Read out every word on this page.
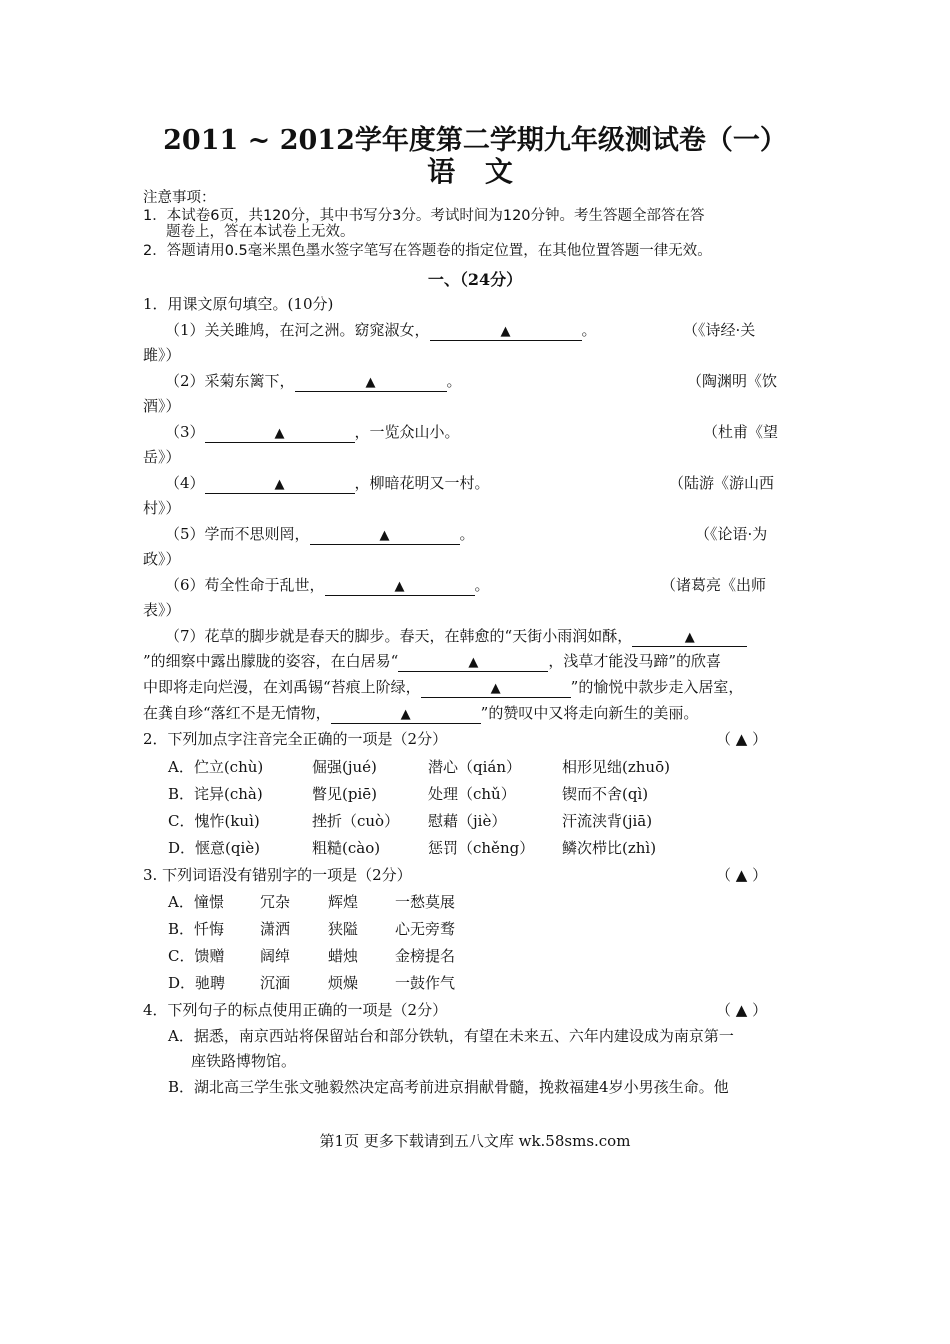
2011 ~ 2012学年度第二学期九年级测试卷（一）
语 文
注意事项：
1．本试卷6页，共120分，其中书写分3分。考试时间为120分钟。考生答题全部答在答
题卷上，答在本试卷上无效。
2．答题请用0.5毫米黑色墨水签字笔写在答题卷的指定位置，在其他位置答题一律无效。
一、（24分）
1．用课文原句填空。(10分)
（1）关关雎鸠，在河之洲。窈窕淑女，	▲	。	（《诗经·关
雎》）
（2）采菊东篱下，	▲	。	（陶渊明《饮
酒》）
（3）	▲	，一览众山小。	（杜甫《望
岳》）
（4）	▲	，柳暗花明又一村。	（陆游《游山西
村》）
（5）学而不思则罔，	▲	。	（《论语·为
政》）
（6）苟全性命于乱世，	▲	。	（诸葛亮《出师
表》）
（7）花草的脚步就是春天的脚步。春天，在韩愈的“天街小雨润如酥，	▲
”的细察中露出朦胧的姿容，在白居易“	▲	，浅草才能没马蹄”的欣喜
中即将走向烂漫，在刘禹锡“苔痕上阶绿，	▲	”的愉悦中款步走入居室，
在龚自珍“落红不是无情物，	▲	”的赞叹中又将走向新生的美丽。
2．下列加点字注音完全正确的一项是（2分）	（ ▲ ）
A．伫立(chù)	倔强(jué)	潜心（qián）	相形见绌(zhuō)
B．诧异(chà)	瞥见(piē)	处理（chǔ）	锲而不舍(qì)
C．愧怍(kuì)	挫折（cuò） 慰藉（jiè）	汗流浃背(jiā)
D．惬意(qiè)	粗糙(cào)	惩罚（chěng） 鳞次栉比(zhì)
3. 下列词语没有错别字的一项是（2分）	（ ▲ ）
A．憧憬 冗杂	辉煌 一愁莫展
B．忏悔 潇洒	狭隘 心无旁骛
C．馈赠 阔绰	蜡烛 金榜提名
D．驰聘 沉湎	烦燥 一鼓作气
4．下列句子的标点使用正确的一项是（2分）	（ ▲ ）
A．据悉，南京西站将保留站台和部分铁轨，有望在未来五、六年内建设成为南京第一
座铁路博物馆。
B．湖北高三学生张文驰毅然决定高考前进京捐献骨髓，挽救福建4岁小男孩生命。他
第1页 更多下载请到五八文库 wk.58sms.com
